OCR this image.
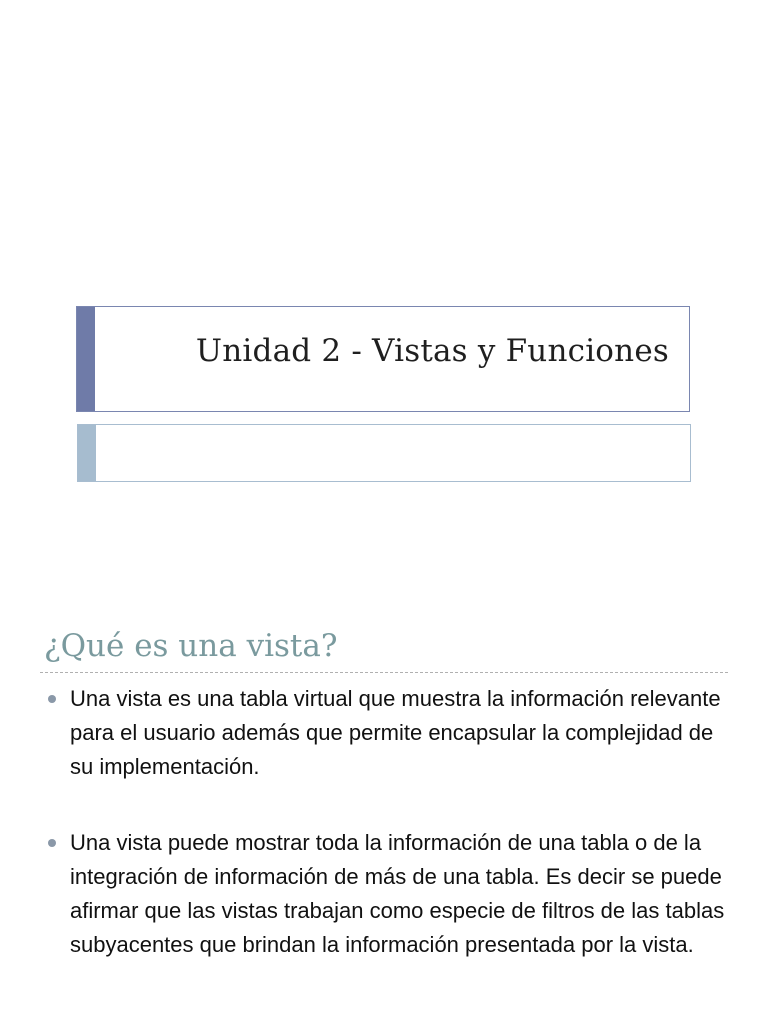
Unidad 2 - Vistas y Funciones
¿Qué es una vista?
Una vista es una tabla virtual que muestra la información relevante para el usuario además que permite encapsular la complejidad de su implementación.
Una vista puede mostrar toda la información de una tabla o de la integración de información de más de una tabla. Es decir se puede afirmar que las vistas trabajan como especie de filtros de las tablas subyacentes que brindan la información presentada por la vista.
